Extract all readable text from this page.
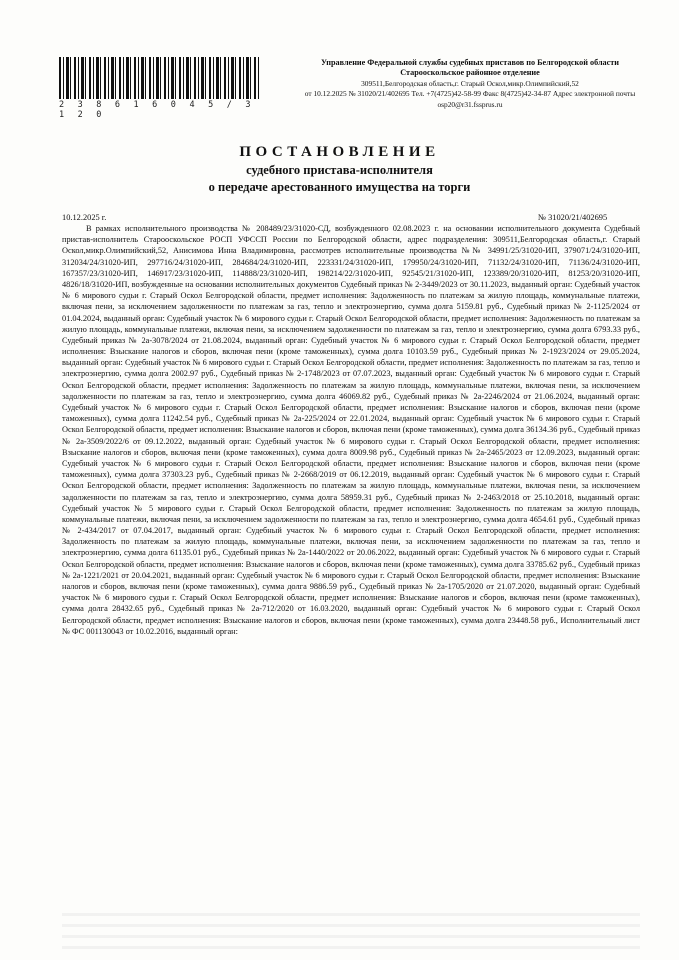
2 3 8 6 1 6 0 4 5 / 3 1 2 0
Управление Федеральной службы судебных приставов по Белгородской области
Старооскольское районное отделение
309511,Белгородская область,г. Старый Оскол,микр.Олимпийский,52
от 10.12.2025 № 31020/21/402695 Тел. +7(4725)42-58-99 Факс 8(4725)42-34-87 Адрес электронной почты osp20@r31.fssprus.ru
ПОСТАНОВЛЕНИЕ
судебного пристава-исполнителя
о передаче арестованного имущества на торги
10.12.2025 г.	№ 31020/21/402695

В рамках исполнительного производства № 208489/23/31020-СД, возбужденного 02.08.2023 г. на основании исполнительного документа Судебный пристав-исполнитель Старооскольское РОСП УФССП России по Белгородской области, адрес подразделения: 309511,Белгородская область,г. Старый Оскол,микр.Олимпийский,52, Анисимова Инна Владимировна, рассмотрев исполнительные производства №№ 34991/25/31020-ИП, 379071/24/31020-ИП, 312034/24/31020-ИП, 297716/24/31020-ИП, 284684/24/31020-ИП, 223331/24/31020-ИП, 179950/24/31020-ИП, 71132/24/31020-ИП, 71136/24/31020-ИП, 167357/23/31020-ИП, 146917/23/31020-ИП, 114888/23/31020-ИП, 198214/22/31020-ИП, 92545/21/31020-ИП, 123389/20/31020-ИП, 81253/20/31020-ИП, 4826/18/31020-ИП, возбужденные на основании исполнительных документов Судебный приказ № 2-3449/2023 от 30.11.2023, выданный орган: Судебный участок № 6 мирового судьи г. Старый Оскол Белгородской области, предмет исполнения: Задолженность по платежам за жилую площадь, коммунальные платежи, включая пени, за исключением задолженности по платежам за газ, тепло и электроэнергию, сумма долга 5159.81 руб., Судебный приказ № 2-1125/2024 от 01.04.2024, выданный орган: Судебный участок № 6 мирового судьи г. Старый Оскол Белгородской области, предмет исполнения: Задолженность по платежам за жилую площадь, коммунальные платежи, включая пени, за исключением задолженности по платежам за газ, тепло и электроэнергию, сумма долга 6793.33 руб., Судебный приказ № 2а-3078/2024 от 21.08.2024, выданный орган: Судебный участок № 6 мирового судьи г. Старый Оскол Белгородской области, предмет исполнения: Взыскание налогов и сборов, включая пени (кроме таможенных), сумма долга 10103.59 руб., Судебный приказ № 2-1923/2024 от 29.05.2024, выданный орган: Судебный участок № 6 мирового судьи г. Старый Оскол Белгородской области, предмет исполнения: Задолженность по платежам за газ, тепло и электроэнергию, сумма долга 2002.97 руб., Судебный приказ № 2-1748/2023 от 07.07.2023, выданный орган: Судебный участок № 6 мирового судьи г. Старый Оскол Белгородской области, предмет исполнения: Задолженность по платежам за жилую площадь, коммунальные платежи, включая пени, за исключением задолженности по платежам за газ, тепло и электроэнергию, сумма долга 46069.82 руб., Судебный приказ № 2а-2246/2024 от 21.06.2024, выданный орган: Судебный участок № 6 мирового судьи г. Старый Оскол Белгородской области, предмет исполнения: Взыскание налогов и сборов, включая пени (кроме таможенных), сумма долга 11242.54 руб., Судебный приказ № 2а-225/2024 от 22.01.2024, выданный орган: Судебный участок № 6 мирового судьи г. Старый Оскол Белгородской области, предмет исполнения: Взыскание налогов и сборов, включая пени (кроме таможенных), сумма долга 36134.36 руб., Судебный приказ № 2а-3509/2022/6 от 09.12.2022, выданный орган: Судебный участок № 6 мирового судьи г. Старый Оскол Белгородской области, предмет исполнения: Взыскание налогов и сборов, включая пени (кроме таможенных), сумма долга 8009.98 руб., Судебный приказ № 2а-2465/2023 от 12.09.2023, выданный орган: Судебный участок № 6 мирового судьи г. Старый Оскол Белгородской области, предмет исполнения: Взыскание налогов и сборов, включая пени (кроме таможенных), сумма долга 37303.23 руб., Судебный приказ № 2-2668/2019 от 06.12.2019, выданный орган: Судебный участок № 6 мирового судьи г. Старый Оскол Белгородской области, предмет исполнения: Задолженность по платежам за жилую площадь, коммунальные платежи, включая пени, за исключением задолженности по платежам за газ, тепло и электроэнергию, сумма долга 58959.31 руб., Судебный приказ № 2-2463/2018 от 25.10.2018, выданный орган: Судебный участок № 5 мирового судьи г. Старый Оскол Белгородской области, предмет исполнения: Задолженность по платежам за жилую площадь, коммунальные платежи, включая пени, за исключением задолженности по платежам за газ, тепло и электроэнергию, сумма долга 4654.61 руб., Судебный приказ № 2-434/2017 от 07.04.2017, выданный орган: Судебный участок № 6 мирового судьи г. Старый Оскол Белгородской области, предмет исполнения: Задолженность по платежам за жилую площадь, коммунальные платежи, включая пени, за исключением задолженности по платежам за газ, тепло и электроэнергию, сумма долга 61135.01 руб., Судебный приказ № 2а-1440/2022 от 20.06.2022, выданный орган: Судебный участок № 6 мирового судьи г. Старый Оскол Белгородской области, предмет исполнения: Взыскание налогов и сборов, включая пени (кроме таможенных), сумма долга 33785.62 руб., Судебный приказ № 2а-1221/2021 от 20.04.2021, выданный орган: Судебный участок № 6 мирового судьи г. Старый Оскол Белгородской области, предмет исполнения: Взыскание налогов и сборов, включая пени (кроме таможенных), сумма долга 9886.59 руб., Судебный приказ № 2а-1705/2020 от 21.07.2020, выданный орган: Судебный участок № 6 мирового судьи г. Старый Оскол Белгородской области, предмет исполнения: Взыскание налогов и сборов, включая пени (кроме таможенных), сумма долга 28432.65 руб., Судебный приказ № 2а-712/2020 от 16.03.2020, выданный орган: Судебный участок № 6 мирового судьи г. Старый Оскол Белгородской области, предмет исполнения: Взыскание налогов и сборов, включая пени (кроме таможенных), сумма долга 23448.58 руб., Исполнительный лист № ФС 001130043 от 10.02.2016, выданный орган:
